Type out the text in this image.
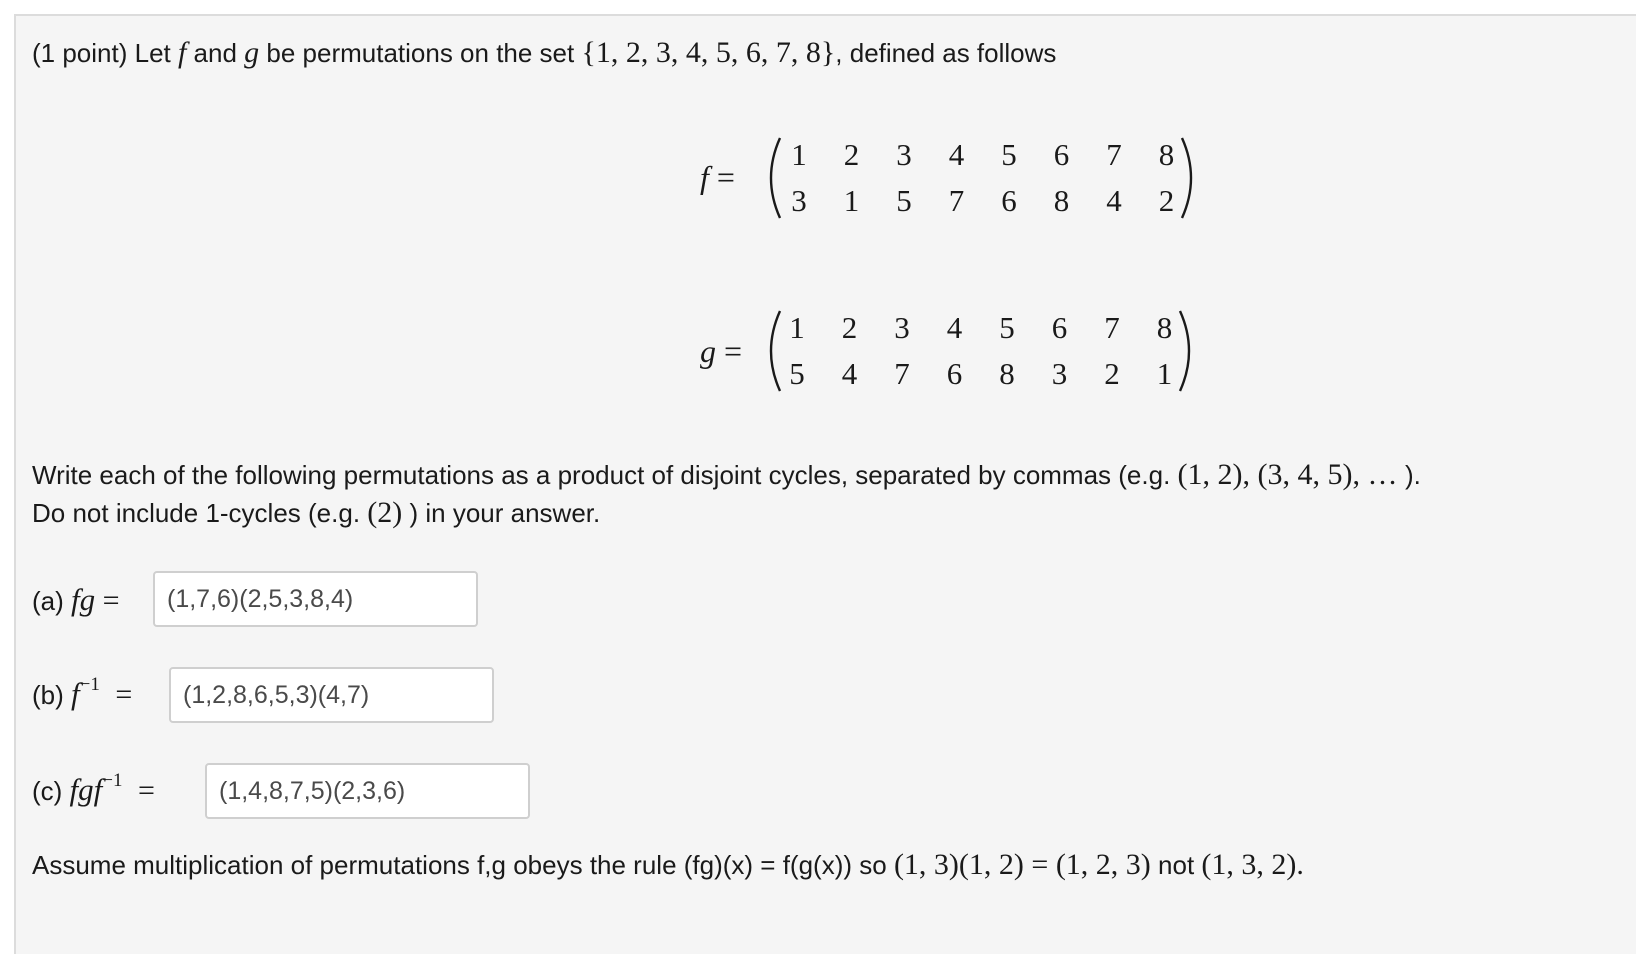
(1 point) Let f and g be permutations on the set {1, 2, 3, 4, 5, 6, 7, 8}, defined as follows
f =
1	2	3	4	5	6	7	8
3	1	5	7	6	8	4	2
g =
1	2	3	4	5	6	7	8
5	4	7	6	8	3	2	1
Write each of the following permutations as a product of disjoint cycles, separated by commas (e.g. (1, 2), (3, 4, 5), … ).
Do not include 1-cycles (e.g. (2) ) in your answer.
(a) fg =
(1,7,6)(2,5,3,8,4)
(b) $f^{-1}$ =
(1,2,8,6,5,3)(4,7)
(c) fgf$^{-1}$ =
(1,4,8,7,5)(2,3,6)
Assume multiplication of permutations f,g obeys the rule (fg)(x) = f(g(x)) so (1, 3)(1, 2) = (1, 2, 3) not (1, 3, 2).
